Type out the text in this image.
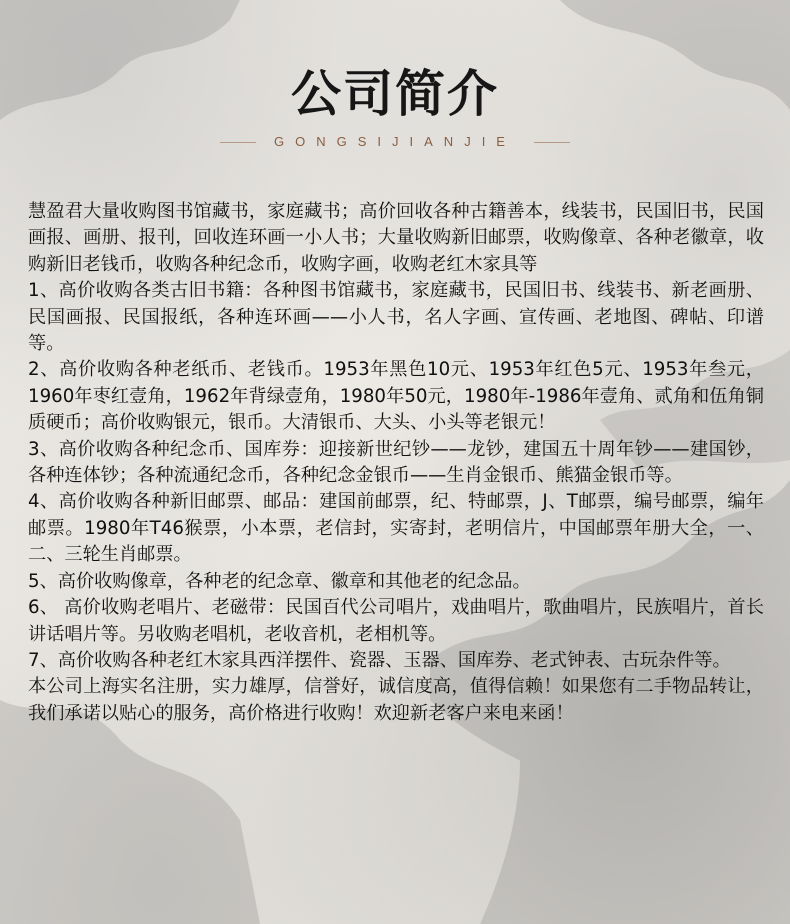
公司简介
GONGSIJIANJIE

慧盈君大量收购图书馆藏书，家庭藏书；高价回收各种古籍善本，线装书，民国旧书，民国画报、画册、报刊，回收连环画一小人书；大量收购新旧邮票，收购像章、各种老徽章，收购新旧老钱币，收购各种纪念币，收购字画，收购老红木家具等

1、高价收购各类古旧书籍：各种图书馆藏书，家庭藏书，民国旧书、线装书、新老画册、民国画报、民国报纸，各种连环画——小人书，名人字画、宣传画、老地图、碑帖、印谱等。

2、高价收购各种老纸币、老钱币。1953年黑色10元、1953年红色5元、1953年叁元，1960年枣红壹角，1962年背绿壹角，1980年50元，1980年-1986年壹角、贰角和伍角铜质硬币；高价收购银元，银币。大清银币、大头、小头等老银元！

3、高价收购各种纪念币、国库券：迎接新世纪钞——龙钞，建国五十周年钞——建国钞，各种连体钞；各种流通纪念币，各种纪念金银币——生肖金银币、熊猫金银币等。

4、高价收购各种新旧邮票、邮品：建国前邮票，纪、特邮票，J、T邮票，编号邮票，编年邮票。1980年T46猴票，小本票，老信封，实寄封，老明信片，中国邮票年册大全，一、二、三轮生肖邮票。

5、高价收购像章，各种老的纪念章、徽章和其他老的纪念品。

6、 高价收购老唱片、老磁带：民国百代公司唱片，戏曲唱片，歌曲唱片，民族唱片，首长讲话唱片等。另收购老唱机，老收音机，老相机等。

7、高价收购各种老红木家具西洋摆件、瓷器、玉器、国库券、老式钟表、古玩杂件等。

本公司上海实名注册，实力雄厚，信誉好，诚信度高，值得信赖！如果您有二手物品转让，我们承诺以贴心的服务，高价格进行收购！欢迎新老客户来电来函！
